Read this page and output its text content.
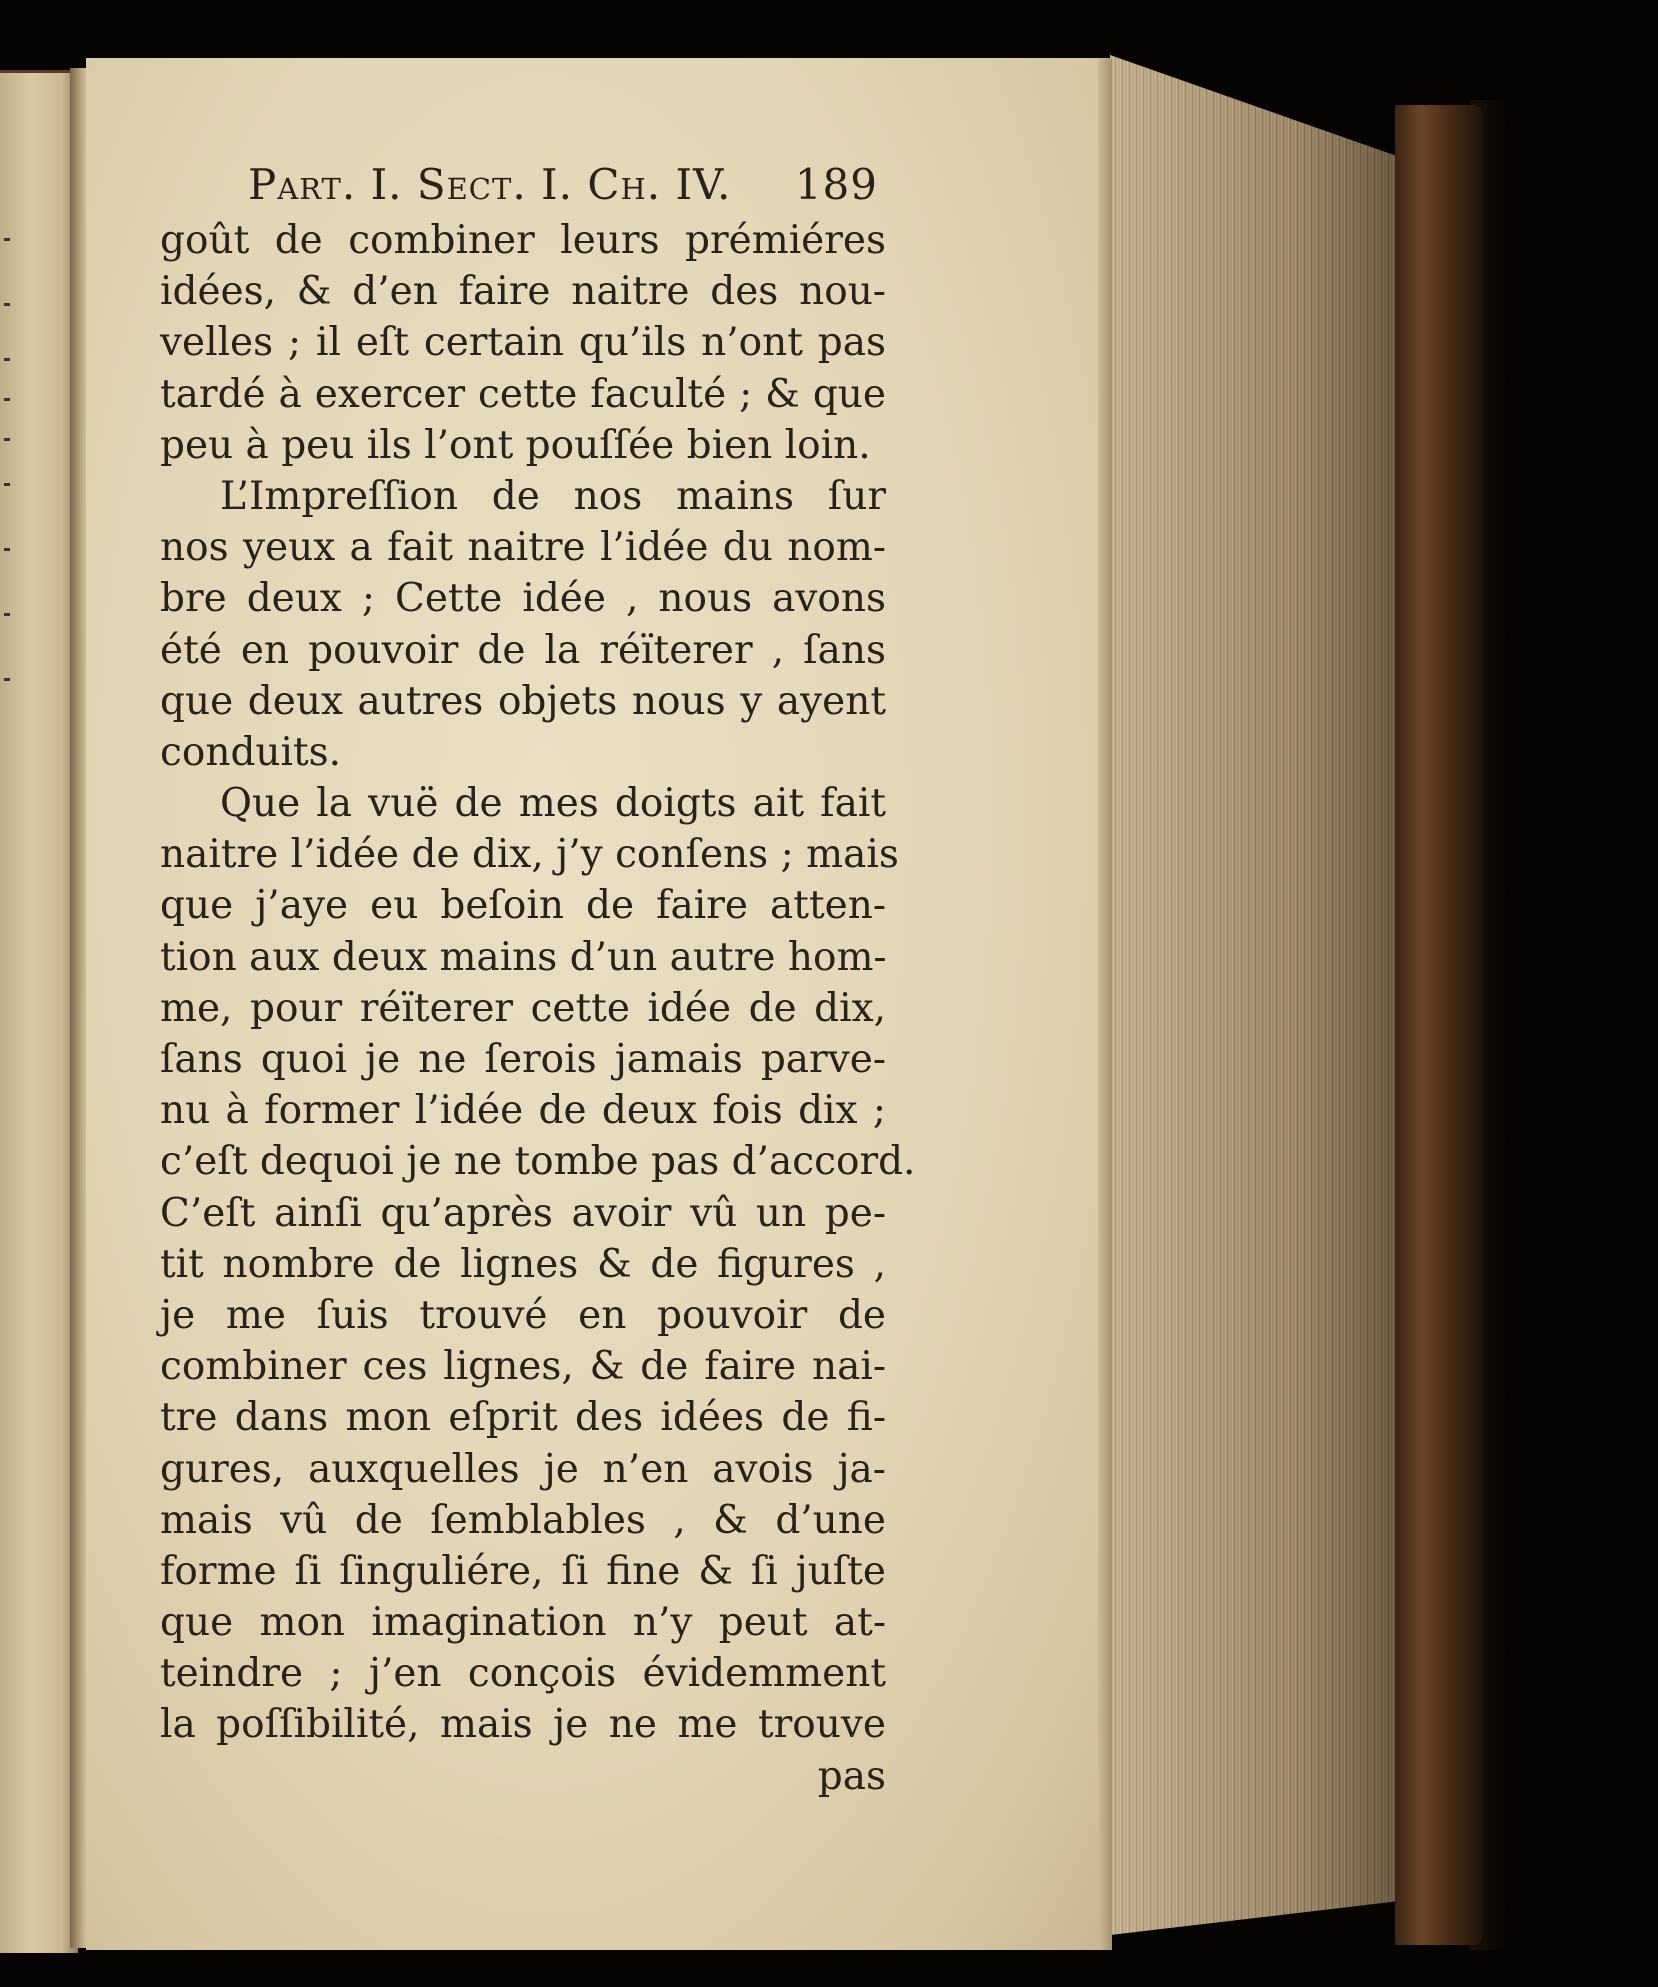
Part. I. Sect. I. Ch. IV. 189
goût de combiner leurs prémiéres
idées, & d’en faire naitre des nou-
velles ; il eſt certain qu’ils n’ont pas
tardé à exercer cette faculté ; & que
peu à peu ils l’ont pouſſée bien loin.
L’Impreſſion de nos mains ſur
nos yeux a fait naitre l’idée du nom-
bre deux ; Cette idée , nous avons
été en pouvoir de la réïterer , ſans
que deux autres objets nous y ayent
conduits.
Que la vuë de mes doigts ait fait
naitre l’idée de dix, j’y conſens ; mais
que j’aye eu beſoin de faire atten-
tion aux deux mains d’un autre hom-
me, pour réïterer cette idée de dix,
ſans quoi je ne ſerois jamais parve-
nu à former l’idée de deux fois dix ;
c’eſt dequoi je ne tombe pas d’accord.
C’eſt ainſi qu’après avoir vû un pe-
tit nombre de lignes & de figures ,
je me ſuis trouvé en pouvoir de
combiner ces lignes, & de faire nai-
tre dans mon eſprit des idées de fi-
gures, auxquelles je n’en avois ja-
mais vû de ſemblables , & d’une
forme ſi ſinguliére, ſi fine & ſi juſte
que mon imagination n’y peut at-
teindre ; j’en conçois évidemment
la poſſibilité, mais je ne me trouve
pas
